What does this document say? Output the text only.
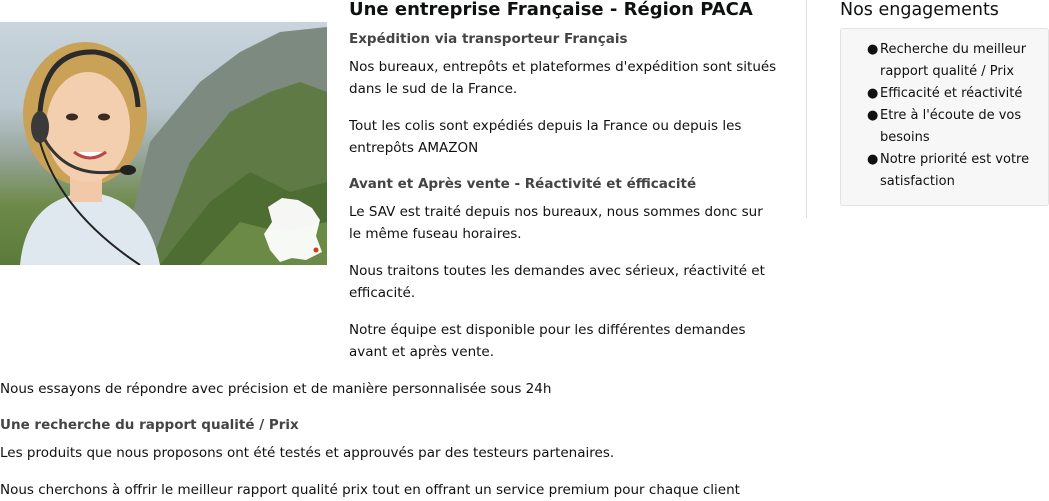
Une entreprise Française - Région PACA
Expédition via transporteur Français

Nos bureaux, entrepôts et plateformes d'expédition sont situés dans le sud de la France.

Tout les colis sont expédiés depuis la France ou depuis les entrepôts AMAZON

Avant et Après vente - Réactivité et éfficacité

Le SAV est traité depuis nos bureaux, nous sommes donc sur le même fuseau horaires.

Nous traitons toutes les demandes avec sérieux, réactivité et efficacité.

Notre équipe est disponible pour les différentes demandes avant et après vente.

Nous essayons de répondre avec précision et de manière personnalisée sous 24h

Une recherche du rapport qualité / Prix

Les produits que nous proposons ont été testés et approuvés par des testeurs partenaires.

Nous cherchons à offrir le meilleur rapport qualité prix tout en offrant un service premium pour chaque client

Nos engagements
● Recherche du meilleur rapport qualité / Prix
● Efficacité et réactivité
● Etre à l'écoute de vos besoins
● Notre priorité est votre satisfaction
